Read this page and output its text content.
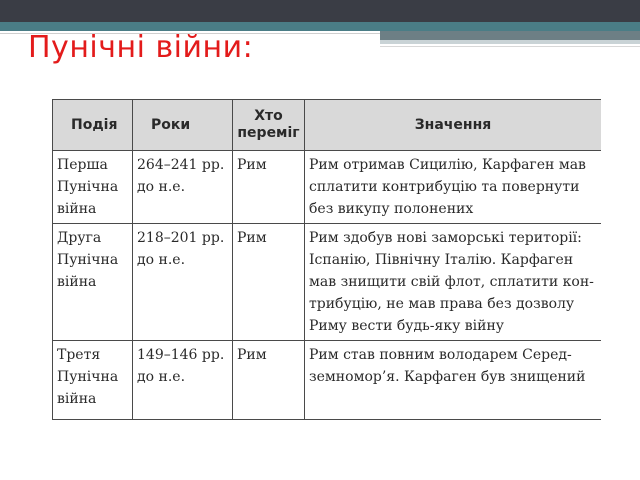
Пунічні війни:
Подія	Роки	Хто переміг	Значення
Перша Пунічна війна	264–241 рр. до н.е.	Рим	Рим отримав Сицилію, Карфаген мав сплатити контрибуцію та повернути без викупу полонених
Друга Пунічна війна	218–201 рр. до н.е.	Рим	Рим здобув нові заморські території: Іспанію, Північну Італію. Карфаген мав знищити свій флот, сплатити кон-трибуцію, не мав права без дозволу Риму вести будь-яку війну
Третя Пунічна війна	149–146 рр. до н.е.	Рим	Рим став повним володарем Серед-земномор’я. Карфаген був знищений
